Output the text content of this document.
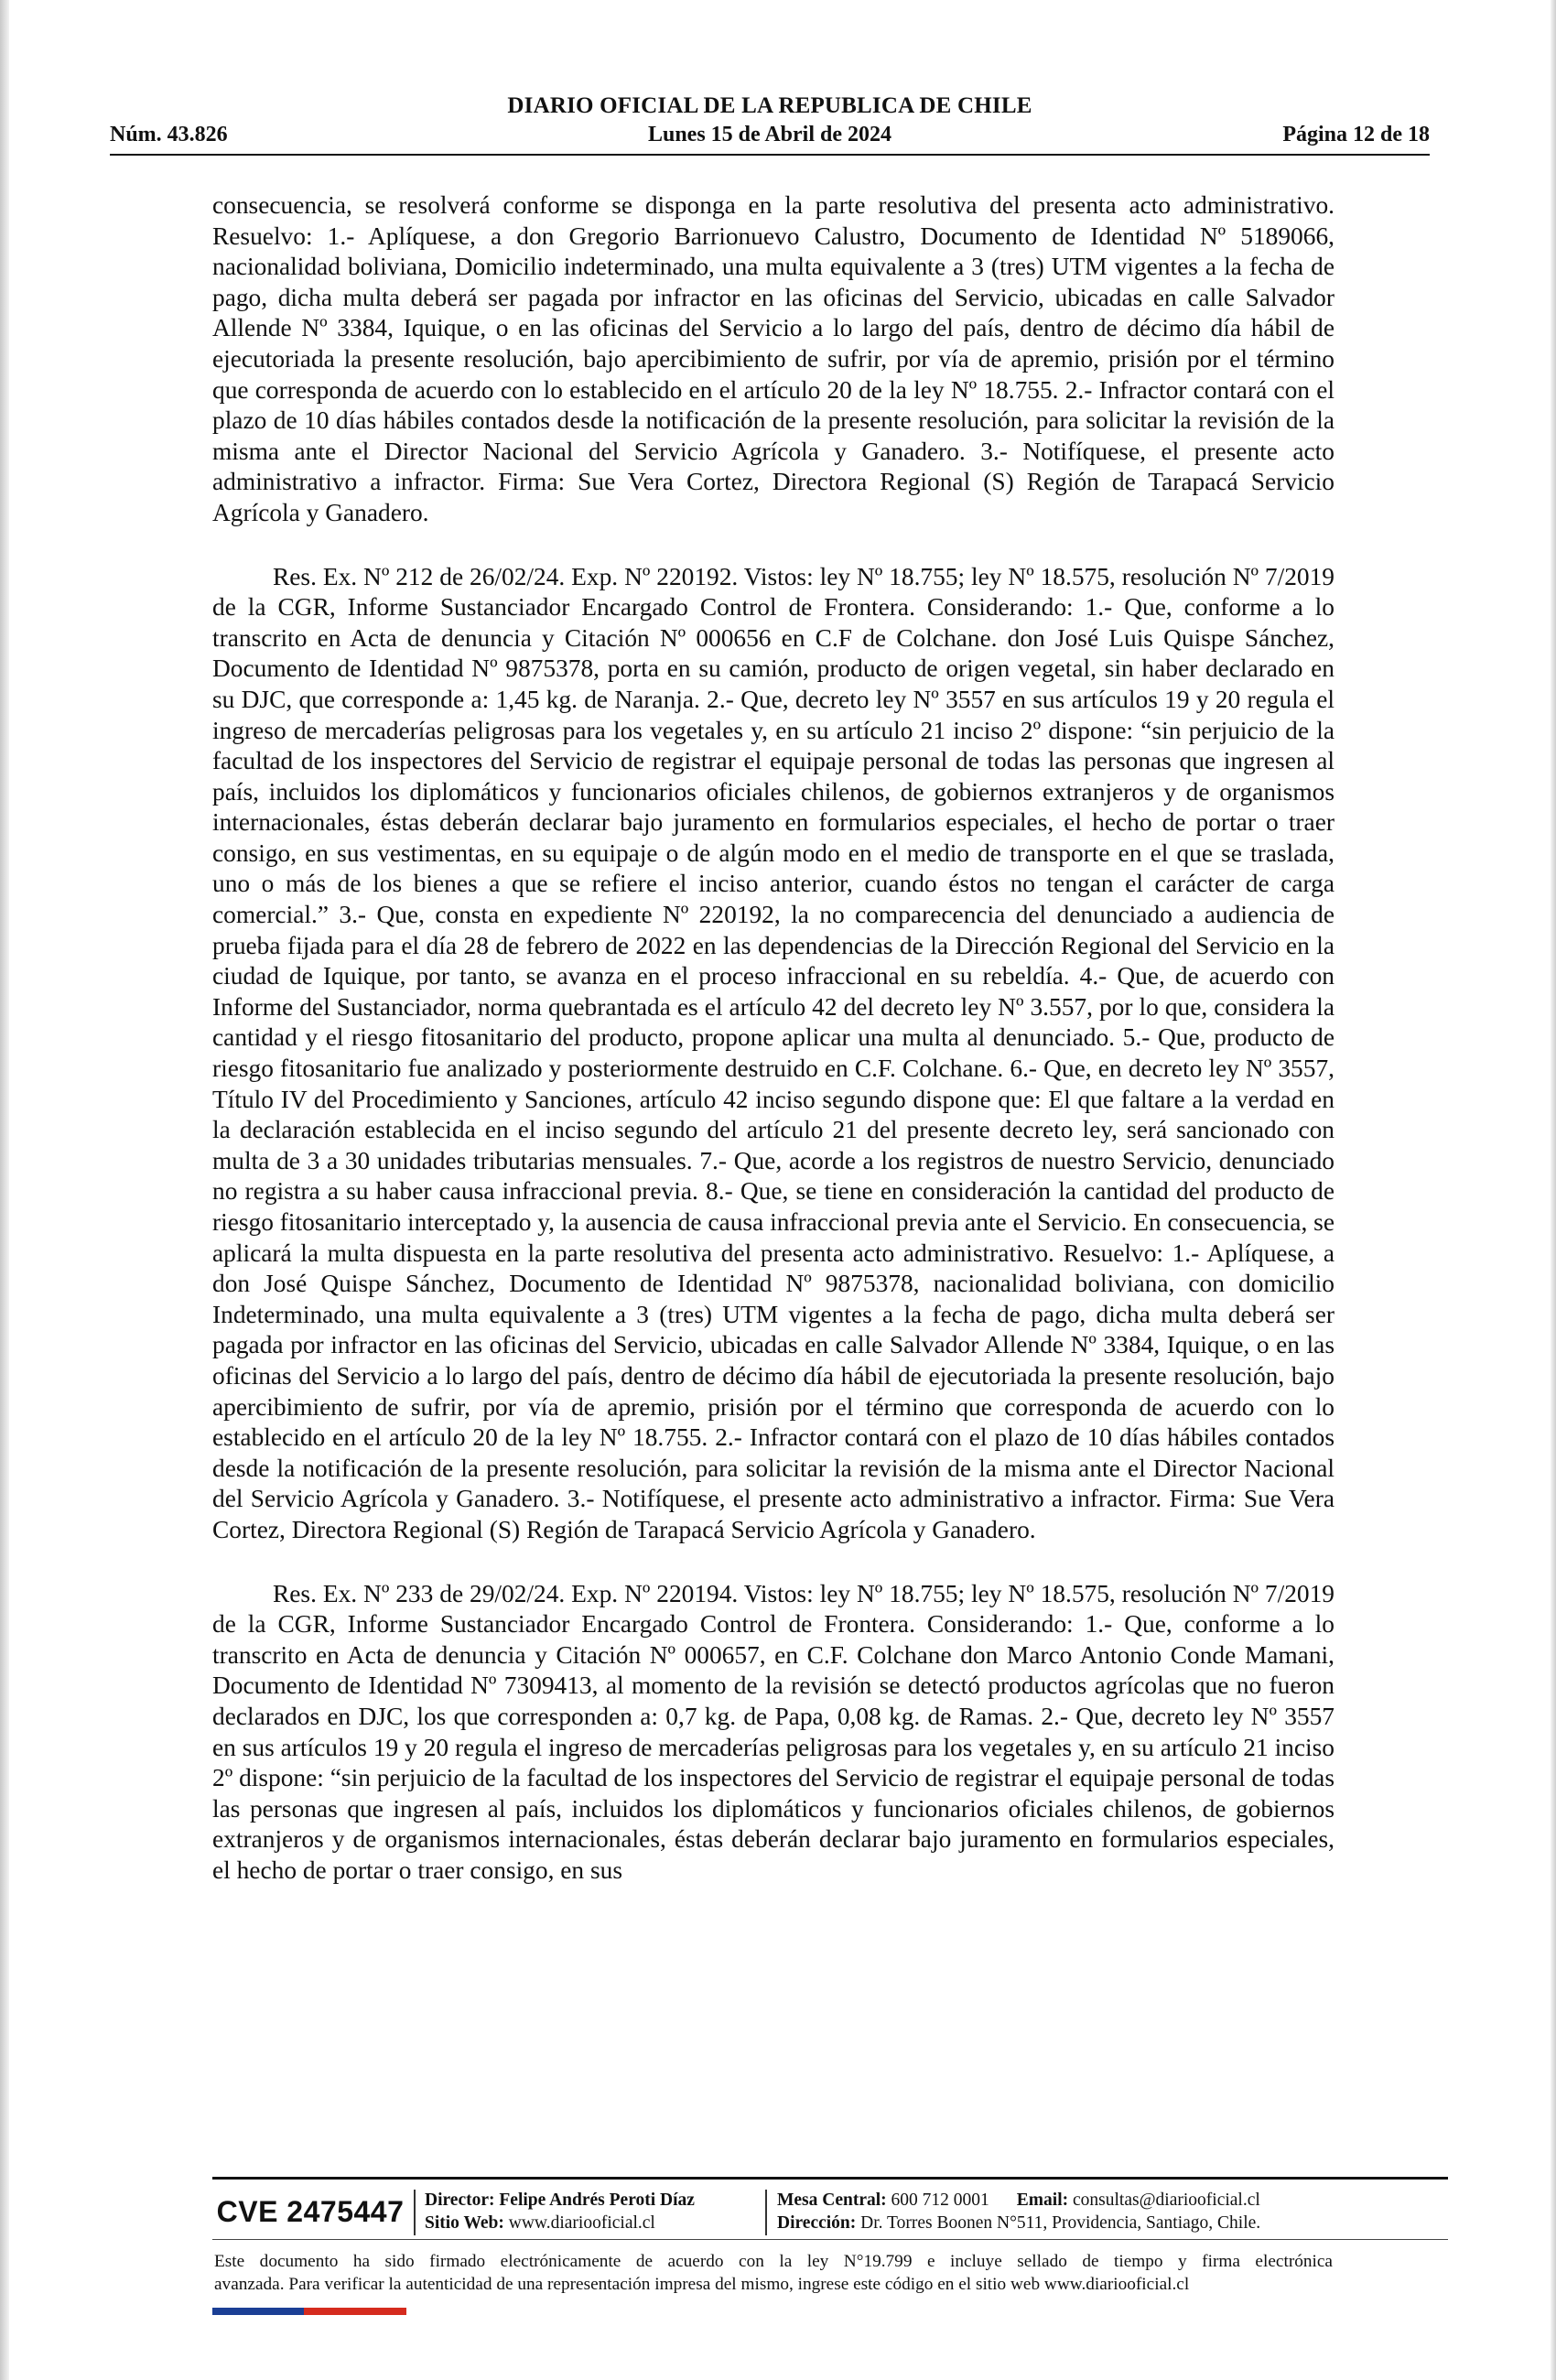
DIARIO OFICIAL DE LA REPUBLICA DE CHILE
Núm. 43.826	Lunes 15 de Abril de 2024	Página 12 de 18

consecuencia, se resolverá conforme se disponga en la parte resolutiva del presenta acto administrativo. Resuelvo: 1.- Aplíquese, a don Gregorio Barrionuevo Calustro, Documento de Identidad Nº 5189066, nacionalidad boliviana, Domicilio indeterminado, una multa equivalente a 3 (tres) UTM vigentes a la fecha de pago, dicha multa deberá ser pagada por infractor en las oficinas del Servicio, ubicadas en calle Salvador Allende Nº 3384, Iquique, o en las oficinas del Servicio a lo largo del país, dentro de décimo día hábil de ejecutoriada la presente resolución, bajo apercibimiento de sufrir, por vía de apremio, prisión por el término que corresponda de acuerdo con lo establecido en el artículo 20 de la ley Nº 18.755. 2.- Infractor contará con el plazo de 10 días hábiles contados desde la notificación de la presente resolución, para solicitar la revisión de la misma ante el Director Nacional del Servicio Agrícola y Ganadero. 3.- Notifíquese, el presente acto administrativo a infractor. Firma: Sue Vera Cortez, Directora Regional (S) Región de Tarapacá Servicio Agrícola y Ganadero.

Res. Ex. Nº 212 de 26/02/24. Exp. Nº 220192. Vistos: ley Nº 18.755; ley Nº 18.575, resolución Nº 7/2019 de la CGR, Informe Sustanciador Encargado Control de Frontera. Considerando: 1.- Que, conforme a lo transcrito en Acta de denuncia y Citación Nº 000656 en C.F de Colchane. don José Luis Quispe Sánchez, Documento de Identidad Nº 9875378, porta en su camión, producto de origen vegetal, sin haber declarado en su DJC, que corresponde a: 1,45 kg. de Naranja. 2.- Que, decreto ley Nº 3557 en sus artículos 19 y 20 regula el ingreso de mercaderías peligrosas para los vegetales y, en su artículo 21 inciso 2º dispone: “sin perjuicio de la facultad de los inspectores del Servicio de registrar el equipaje personal de todas las personas que ingresen al país, incluidos los diplomáticos y funcionarios oficiales chilenos, de gobiernos extranjeros y de organismos internacionales, éstas deberán declarar bajo juramento en formularios especiales, el hecho de portar o traer consigo, en sus vestimentas, en su equipaje o de algún modo en el medio de transporte en el que se traslada, uno o más de los bienes a que se refiere el inciso anterior, cuando éstos no tengan el carácter de carga comercial.” 3.- Que, consta en expediente Nº 220192, la no comparecencia del denunciado a audiencia de prueba fijada para el día 28 de febrero de 2022 en las dependencias de la Dirección Regional del Servicio en la ciudad de Iquique, por tanto, se avanza en el proceso infraccional en su rebeldía. 4.- Que, de acuerdo con Informe del Sustanciador, norma quebrantada es el artículo 42 del decreto ley Nº 3.557, por lo que, considera la cantidad y el riesgo fitosanitario del producto, propone aplicar una multa al denunciado. 5.- Que, producto de riesgo fitosanitario fue analizado y posteriormente destruido en C.F. Colchane. 6.- Que, en decreto ley Nº 3557, Título IV del Procedimiento y Sanciones, artículo 42 inciso segundo dispone que: El que faltare a la verdad en la declaración establecida en el inciso segundo del artículo 21 del presente decreto ley, será sancionado con multa de 3 a 30 unidades tributarias mensuales. 7.- Que, acorde a los registros de nuestro Servicio, denunciado no registra a su haber causa infraccional previa. 8.- Que, se tiene en consideración la cantidad del producto de riesgo fitosanitario interceptado y, la ausencia de causa infraccional previa ante el Servicio. En consecuencia, se aplicará la multa dispuesta en la parte resolutiva del presenta acto administrativo. Resuelvo: 1.- Aplíquese, a don José Quispe Sánchez, Documento de Identidad Nº 9875378, nacionalidad boliviana, con domicilio Indeterminado, una multa equivalente a 3 (tres) UTM vigentes a la fecha de pago, dicha multa deberá ser pagada por infractor en las oficinas del Servicio, ubicadas en calle Salvador Allende Nº 3384, Iquique, o en las oficinas del Servicio a lo largo del país, dentro de décimo día hábil de ejecutoriada la presente resolución, bajo apercibimiento de sufrir, por vía de apremio, prisión por el término que corresponda de acuerdo con lo establecido en el artículo 20 de la ley Nº 18.755. 2.- Infractor contará con el plazo de 10 días hábiles contados desde la notificación de la presente resolución, para solicitar la revisión de la misma ante el Director Nacional del Servicio Agrícola y Ganadero. 3.- Notifíquese, el presente acto administrativo a infractor. Firma: Sue Vera Cortez, Directora Regional (S) Región de Tarapacá Servicio Agrícola y Ganadero.

Res. Ex. Nº 233 de 29/02/24. Exp. Nº 220194. Vistos: ley Nº 18.755; ley Nº 18.575, resolución Nº 7/2019 de la CGR, Informe Sustanciador Encargado Control de Frontera. Considerando: 1.- Que, conforme a lo transcrito en Acta de denuncia y Citación Nº 000657, en C.F. Colchane don Marco Antonio Conde Mamani, Documento de Identidad Nº 7309413, al momento de la revisión se detectó productos agrícolas que no fueron declarados en DJC, los que corresponden a: 0,7 kg. de Papa, 0,08 kg. de Ramas. 2.- Que, decreto ley Nº 3557 en sus artículos 19 y 20 regula el ingreso de mercaderías peligrosas para los vegetales y, en su artículo 21 inciso 2º dispone: “sin perjuicio de la facultad de los inspectores del Servicio de registrar el equipaje personal de todas las personas que ingresen al país, incluidos los diplomáticos y funcionarios oficiales chilenos, de gobiernos extranjeros y de organismos internacionales, éstas deberán declarar bajo juramento en formularios especiales, el hecho de portar o traer consigo, en sus

CVE 2475447 Director: Felipe Andrés Peroti Díaz
Sitio Web: www.diariooficial.cl
Mesa Central: 600 712 0001 Email: consultas@diariooficial.cl
Dirección: Dr. Torres Boonen N°511, Providencia, Santiago, Chile.
Este documento ha sido firmado electrónicamente de acuerdo con la ley N°19.799 e incluye sellado de tiempo y firma electrónica
avanzada. Para verificar la autenticidad de una representación impresa del mismo, ingrese este código en el sitio web www.diariooficial.cl
